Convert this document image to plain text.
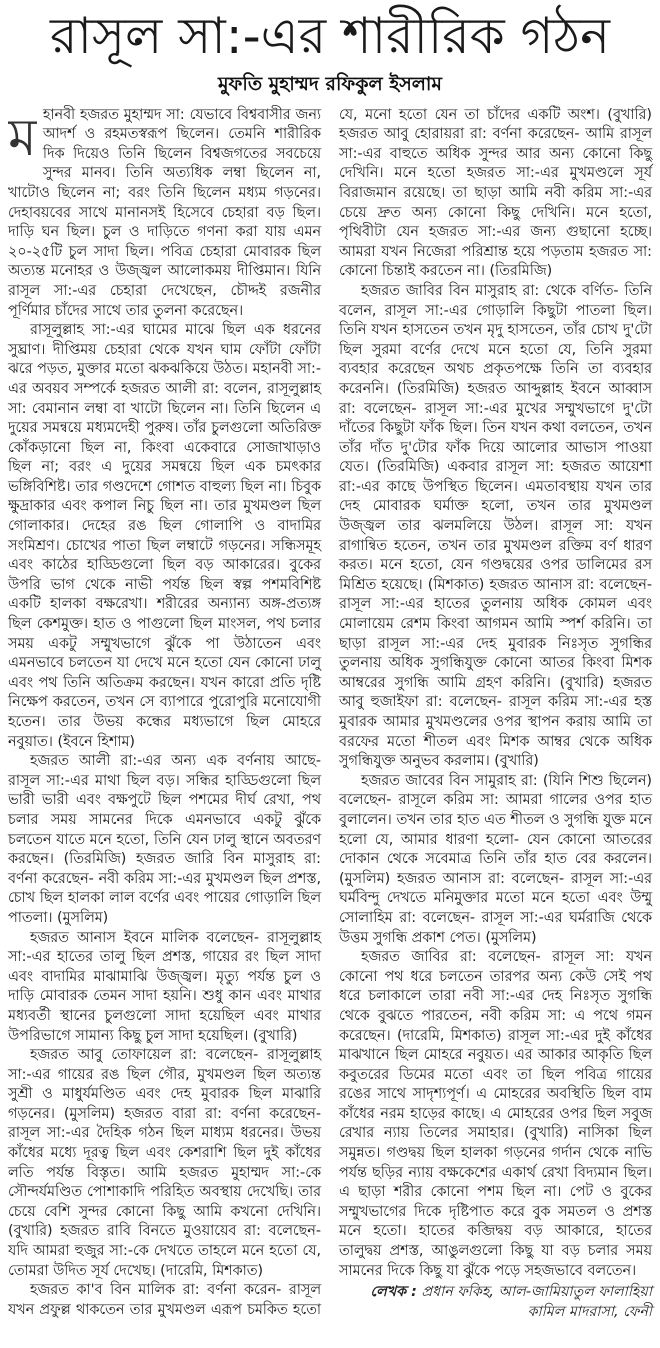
রাসূল সা:-এর শারীরিক গঠন
মুফতি মুহাম্মদ রফিকুল ইসলাম

মহানবী হজরত মুহাম্মদ সা: যেভাবে বিশ্ববাসীর জন্য আদর্শ ও রহমতস্বরূপ ছিলেন। তেমনি শারীরিক দিক দিয়েও তিনি ছিলেন বিশ্বজগতের সবচেয়ে সুন্দর মানব। তিনি অত্যধিক লম্বা ছিলেন না, খাটোও ছিলেন না; বরং তিনি ছিলেন মধ্যম গড়নের। দেহাবয়বের সাথে মানানসই হিসেবে চেহারা বড় ছিল। দাড়ি ঘন ছিল। চুল ও দাড়িতে গণনা করা যায় এমন ২০-২৫টি চুল সাদা ছিল। পবিত্র চেহারা মোবারক ছিল অত্যন্ত মনোহর ও উজ্জ্বল আলোকময় দীপ্তিমান। যিনি রাসূল সা:-এর চেহারা দেখেছেন, চৌদ্দই রজনীর পূর্ণিমার চাঁদের সাথে তার তুলনা করেছেন।

রাসূলুল্লাহ সা:-এর ঘামের মাঝে ছিল এক ধরনের সুঘ্রাণ। দীপ্তিময় চেহারা থেকে যখন ঘাম ফোঁটা ফোঁটা ঝরে পড়ত, মুক্তার মতো ঝকঝকিয়ে উঠত। মহানবী সা:-এর অবয়ব সম্পর্কে হজরত আলী রা: বলেন, রাসূলুল্লাহ সা: বেমানান লম্বা বা খাটো ছিলেন না। তিনি ছিলেন এ দুয়ের সমন্বয়ে মধ্যমদেহী পুরুষ। তাঁর চুলগুলো অতিরিক্ত কোঁকড়ানো ছিল না, কিংবা একেবারে সোজাখাড়াও ছিল না; বরং এ দুয়ের সমন্বয়ে ছিল এক চমৎকার ভঙ্গিবিশিষ্ট। তার গণ্ডদেশে গোশত বাহুল্য ছিল না। চিবুক ক্ষুদ্রাকার এবং কপাল নিচু ছিল না। তার মুখমণ্ডল ছিল গোলাকার। দেহের রঙ ছিল গোলাপি ও বাদামির সংমিশ্রণ। চোখের পাতা ছিল লম্বাটে গড়নের। সন্ধিসমূহ এবং কাঠের হাড্ডিগুলো ছিল বড় আকারের। বুকের উপরি ভাগ থেকে নাভী পর্যন্ত ছিল স্বল্প পশমবিশিষ্ট একটি হালকা বক্ষরেখা। শরীরের অন্যান্য অঙ্গ-প্রত্যঙ্গ ছিল কেশমুক্ত। হাত ও পাগুলো ছিল মাংসল, পথ চলার সময় একটু সম্মুখভাগে ঝুঁকে পা উঠাতেন এবং এমনভাবে চলতেন যা দেখে মনে হতো যেন কোনো ঢালু এবং পথ তিনি অতিক্রম করছেন। যখন কারো প্রতি দৃষ্টি নিক্ষেপ করতেন, তখন সে ব্যাপারে পুরোপুরি মনোযোগী হতেন। তার উভয় কন্ধের মধ্যভাগে ছিল মোহরে নবুয়াত। (ইবনে হিশাম)

হজরত আলী রা:-এর অন্য এক বর্ণনায় আছে- রাসূল সা:-এর মাথা ছিল বড়। সন্ধির হাড্ডিগুলো ছিল ভারী ভারী এবং বক্ষপুটে ছিল পশমের দীর্ঘ রেখা, পথ চলার সময় সামনের দিকে এমনভাবে একটু ঝুঁকে চলতেন যাতে মনে হতো, তিনি যেন ঢালু স্থানে অবতরণ করছেন। (তিরমিজি) হজরত জারি বিন মাসুরাহ রা: বর্ণনা করেছেন- নবী করিম সা:-এর মুখমণ্ডল ছিল প্রশস্ত, চোখ ছিল হালকা লাল বর্ণের এবং পায়ের গোড়ালি ছিল পাতলা। (মুসলিম)

হজরত আনাস ইবনে মালিক বলেছেন- রাসূলুল্লাহ সা:-এর হাতের তালু ছিল প্রশস্ত, গায়ের রং ছিল সাদা এবং বাদামির মাঝামাঝি উজ্জ্বল। মৃত্যু পর্যন্ত চুল ও দাড়ি মোবারক তেমন সাদা হয়নি। শুধু কান এবং মাথার মধ্যবর্তী স্থানের চুলগুলো সাদা হয়েছিল এবং মাথার উপরিভাগে সামান্য কিছু চুল সাদা হয়েছিল। (বুখারি)

হজরত আবু তোফায়েল রা: বলেছেন- রাসূলুল্লাহ সা:-এর গায়ের রঙ ছিল গৌর, মুখমণ্ডল ছিল অত্যন্ত সুশ্রী ও মাধুর্যমণ্ডিত এবং দেহ মুবারক ছিল মাঝারি গড়নের। (মুসলিম) হজরত বারা রা: বর্ণনা করেছেন- রাসূল সা:-এর দৈহিক গঠন ছিল মাধ্যম ধরনের। উভয় কাঁধের মধ্যে দূরত্ব ছিল এবং কেশরাশি ছিল দুই কাঁধের লতি পর্যন্ত বিস্তৃত। আমি হজরত মুহাম্মদ সা:-কে সৌন্দর্যমণ্ডিত পোশাকাদি পরিহিত অবস্থায় দেখেছি। তার চেয়ে বেশি সুন্দর কোনো কিছু আমি কখনো দেখিনি। (বুখারি) হজরত রাবি বিনতে মুওয়ায়েব রা: বলেছেন- যদি আমরা হুজুর সা:-কে দেখতে তাহলে মনে হতো যে, তোমরা উদিত সূর্য দেখেছ। (দারেমি, মিশকাত)

হজরত কা'ব বিন মালিক রা: বর্ণনা করেন- রাসূল যখন প্রফুল্ল থাকতেন তার মুখমণ্ডল এরূপ চমকিত হতো যে, মনো হতো যেন তা চাঁদের একটি অংশ। (বুখারি) হজরত আবু হোরায়রা রা: বর্ণনা করেছেন- আমি রাসূল সা:-এর বাহুতে অধিক সুন্দর আর অন্য কোনো কিছু দেখিনি। মনে হতো হজরত সা:-এর মুখমণ্ডলে সূর্য বিরাজমান রয়েছে। তা ছাড়া আমি নবী করিম সা:-এর চেয়ে দ্রুত অন্য কোনো কিছু দেখিনি। মনে হতো, পৃথিবীটা যেন হজরত সা:-এর জন্য গুছানো হচ্ছে। আমরা যখন নিজেরা পরিশ্রান্ত হয়ে পড়তাম হজরত সা: কোনো চিন্তাই করতেন না। (তিরমিজি)

হজরত জাবির বিন মাসুরাহ রা: থেকে বর্ণিত- তিনি বলেন, রাসূল সা:-এর গোড়ালি কিছুটা পাতলা ছিল। তিনি যখন হাসতেন তখন মৃদু হাসতেন, তাঁর চোখ দু'টো ছিল সুরমা বর্ণের দেখে মনে হতো যে, তিনি সুরমা ব্যবহার করেছেন অথচ প্রকৃতপক্ষে তিনি তা ব্যবহার করেননি। (তিরমিজি) হজরত আব্দুল্লাহ ইবনে আব্বাস রা: বলেছেন- রাসূল সা:-এর মুখের সম্মুখভাগে দু'টো দাঁতের কিছুটা ফাঁক ছিল। তিন যখন কথা বলতেন, তখন তাঁর দাঁত দু'টোর ফাঁক দিয়ে আলোর আভাস পাওয়া যেত। (তিরমিজি) একবার রাসূল সা: হজরত আয়েশা রা:-এর কাছে উপস্থিত ছিলেন। এমতাবস্থায় যখন তার দেহ মোবারক ঘর্মাক্ত হলো, তখন তার মুখমণ্ডল উজ্জ্বল তার ঝলমলিয়ে উঠল। রাসূল সা: যখন রাগান্বিত হতেন, তখন তার মুখমণ্ডল রক্তিম বর্ণ ধারণ করত। মনে হতো, যেন গণ্ডদ্বয়ের ওপর ডালিমের রস মিশ্রিত হয়েছে। (মিশকাত) হজরত আনাস রা: বলেছেন- রাসূল সা:-এর হাতের তুলনায় অধিক কোমল এবং মোলায়েম রেশম কিংবা আগমন আমি স্পর্শ করিনি। তা ছাড়া রাসূল সা:-এর দেহ মুবারক নিঃসৃত সুগন্ধির তুলনায় অধিক সুগন্ধিযুক্ত কোনো আতর কিংবা মিশক আম্বরের সুগন্ধি আমি গ্রহণ করিনি। (বুখারি) হজরত আবু হুজাইফা রা: বলেছেন- রাসূল করিম সা:-এর হস্ত মুবারক আমার মুখমণ্ডলের ওপর স্থাপন করায় আমি তা বরফের মতো শীতল এবং মিশক আম্বর থেকে অধিক সুগন্ধিযুক্ত অনুভব করলাম। (বুখারি)

হজরত জাবের বিন সামুরাহ রা: (যিনি শিশু ছিলেন) বলেছেন- রাসূলে করিম সা: আমরা গালের ওপর হাত বুলালেন। তখন তার হাত এত শীতল ও সুগন্ধি যুক্ত মনে হলো যে, আমার ধারণা হলো- যেন কোনো আতরের দোকান থেকে সবেমাত্র তিনি তাঁর হাত বের করলেন। (মুসলিম) হজরত আনাস রা: বলেছেন- রাসূল সা:-এর ঘর্মবিন্দু দেখতে মনিমুক্তার মতো মনে হতো এবং উম্মু সোলাহিম রা: বলেছেন- রাসূল সা:-এর ঘর্মরাজি থেকে উত্তম সুগন্ধি প্রকাশ পেত। (মুসলিম)

হজরত জাবির রা: বলেছেন- রাসূল সা: যখন কোনো পথ ধরে চলতেন তারপর অন্য কেউ সেই পথ ধরে চলাকালে তারা নবী সা:-এর দেহ নিঃসৃত সুগন্ধি থেকে বুঝতে পারতেন, নবী করিম সা: এ পথে গমন করেছেন। (দারেমি, মিশকাত) রাসূল সা:-এর দুই কাঁধের মাঝখানে ছিল মোহরে নবুয়ত। এর আকার আকৃতি ছিল কবুতরের ডিমের মতো এবং তা ছিল পবিত্র গায়ের রঙের সাথে সাদৃশ্যপূর্ণ। এ মোহরের অবস্থিতি ছিল বাম কাঁধের নরম হাড়ের কাছে। এ মোহরের ওপর ছিল সবুজ রেখার ন্যায় তিলের সমাহার। (বুখারি) নাসিকা ছিল সমুন্নত। গণ্ডদ্বয় ছিল হালকা গড়নের গর্দান থেকে নাভি পর্যন্ত ছড়ির ন্যায় বক্ষকেশের একার্থ রেখা বিদ্যমান ছিল। এ ছাড়া শরীর কোনো পশম ছিল না। পেট ও বুকের সম্মুখভাগের দিকে দৃষ্টিপাত করে বুক সমতল ও প্রশস্ত মনে হতো। হাতের কব্জিদ্বয় বড় আকারে, হাতের তালুদ্বয় প্রশস্ত, আঙুলগুলো কিছু যা বড় চলার সময় সামনের দিকে কিছু যা ঝুঁকে পড়ে সহজভাবে বলতেন।

লেখক : প্রধান ফকিহ, আল-জামিয়াতুল ফালাহিয়া
কামিল মাদরাসা, ফেনী
